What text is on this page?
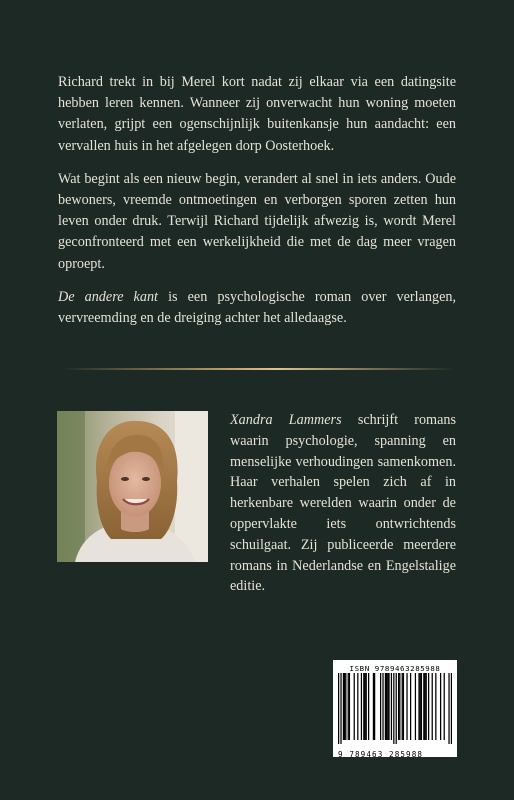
Richard trekt in bij Merel kort nadat zij elkaar via een datingsite hebben leren kennen. Wanneer zij onverwacht hun woning moeten verlaten, grijpt een ogenschijnlijk buitenkansje hun aandacht: een vervallen huis in het afgelegen dorp Oosterhoek.

Wat begint als een nieuw begin, verandert al snel in iets anders. Oude bewoners, vreemde ontmoetingen en verborgen sporen zetten hun leven onder druk. Terwijl Richard tijdelijk afwezig is, wordt Merel geconfronteerd met een werkelijkheid die met de dag meer vragen oproept.

De andere kant is een psychologische roman over verlangen, vervreemding en de dreiging achter het alledaagse.

Xandra Lammers schrijft romans waarin psychologie, spanning en menselijke verhoudingen samenkomen. Haar verhalen spelen zich af in herkenbare werelden waarin onder de oppervlakte iets ontwrichtends schuilgaat. Zij publiceerde meerdere romans in Nederlandse en Engelstalige editie.
ISBN 9789463285988
9 789463 285988
